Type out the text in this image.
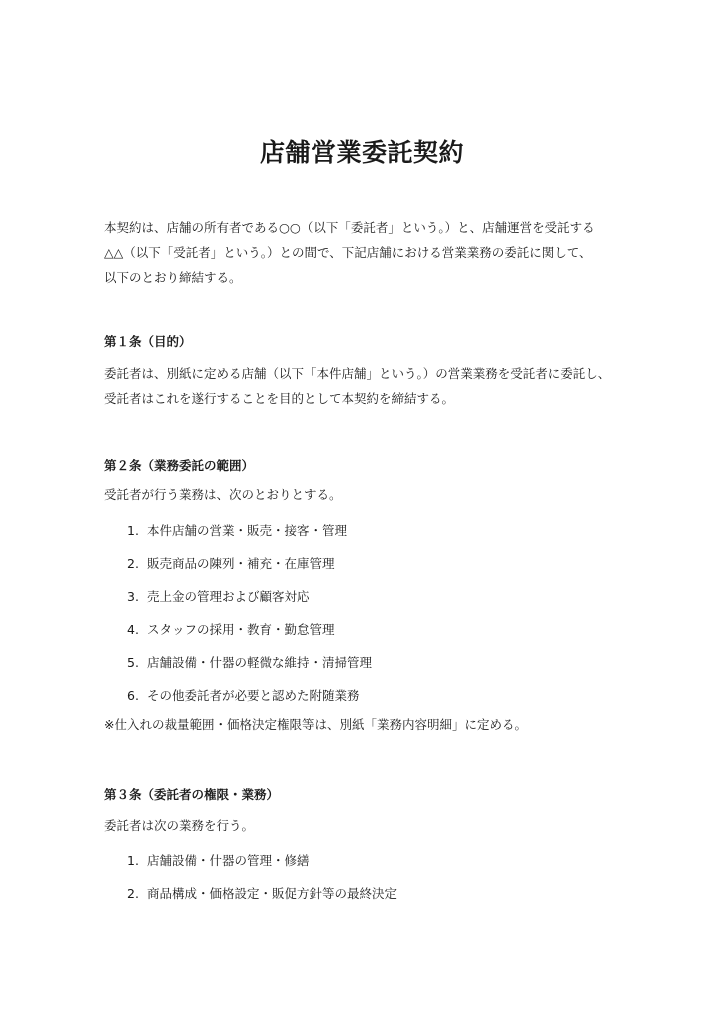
店舗営業委託契約
本契約は、店舗の所有者である○○（以下「委託者」という。）と、店舗運営を受託する
△△（以下「受託者」という。）との間で、下記店舗における営業業務の委託に関して、
以下のとおり締結する。
第１条（目的）
委託者は、別紙に定める店舗（以下「本件店舗」という。）の営業業務を受託者に委託し、
受託者はこれを遂行することを目的として本契約を締結する。
第２条（業務委託の範囲）
受託者が行う業務は、次のとおりとする。
1. 本件店舗の営業・販売・接客・管理
2. 販売商品の陳列・補充・在庫管理
3. 売上金の管理および顧客対応
4. スタッフの採用・教育・勤怠管理
5. 店舗設備・什器の軽微な維持・清掃管理
6. その他委託者が必要と認めた附随業務
※仕入れの裁量範囲・価格決定権限等は、別紙「業務内容明細」に定める。
第３条（委託者の権限・業務）
委託者は次の業務を行う。
1. 店舗設備・什器の管理・修繕
2. 商品構成・価格設定・販促方針等の最終決定
